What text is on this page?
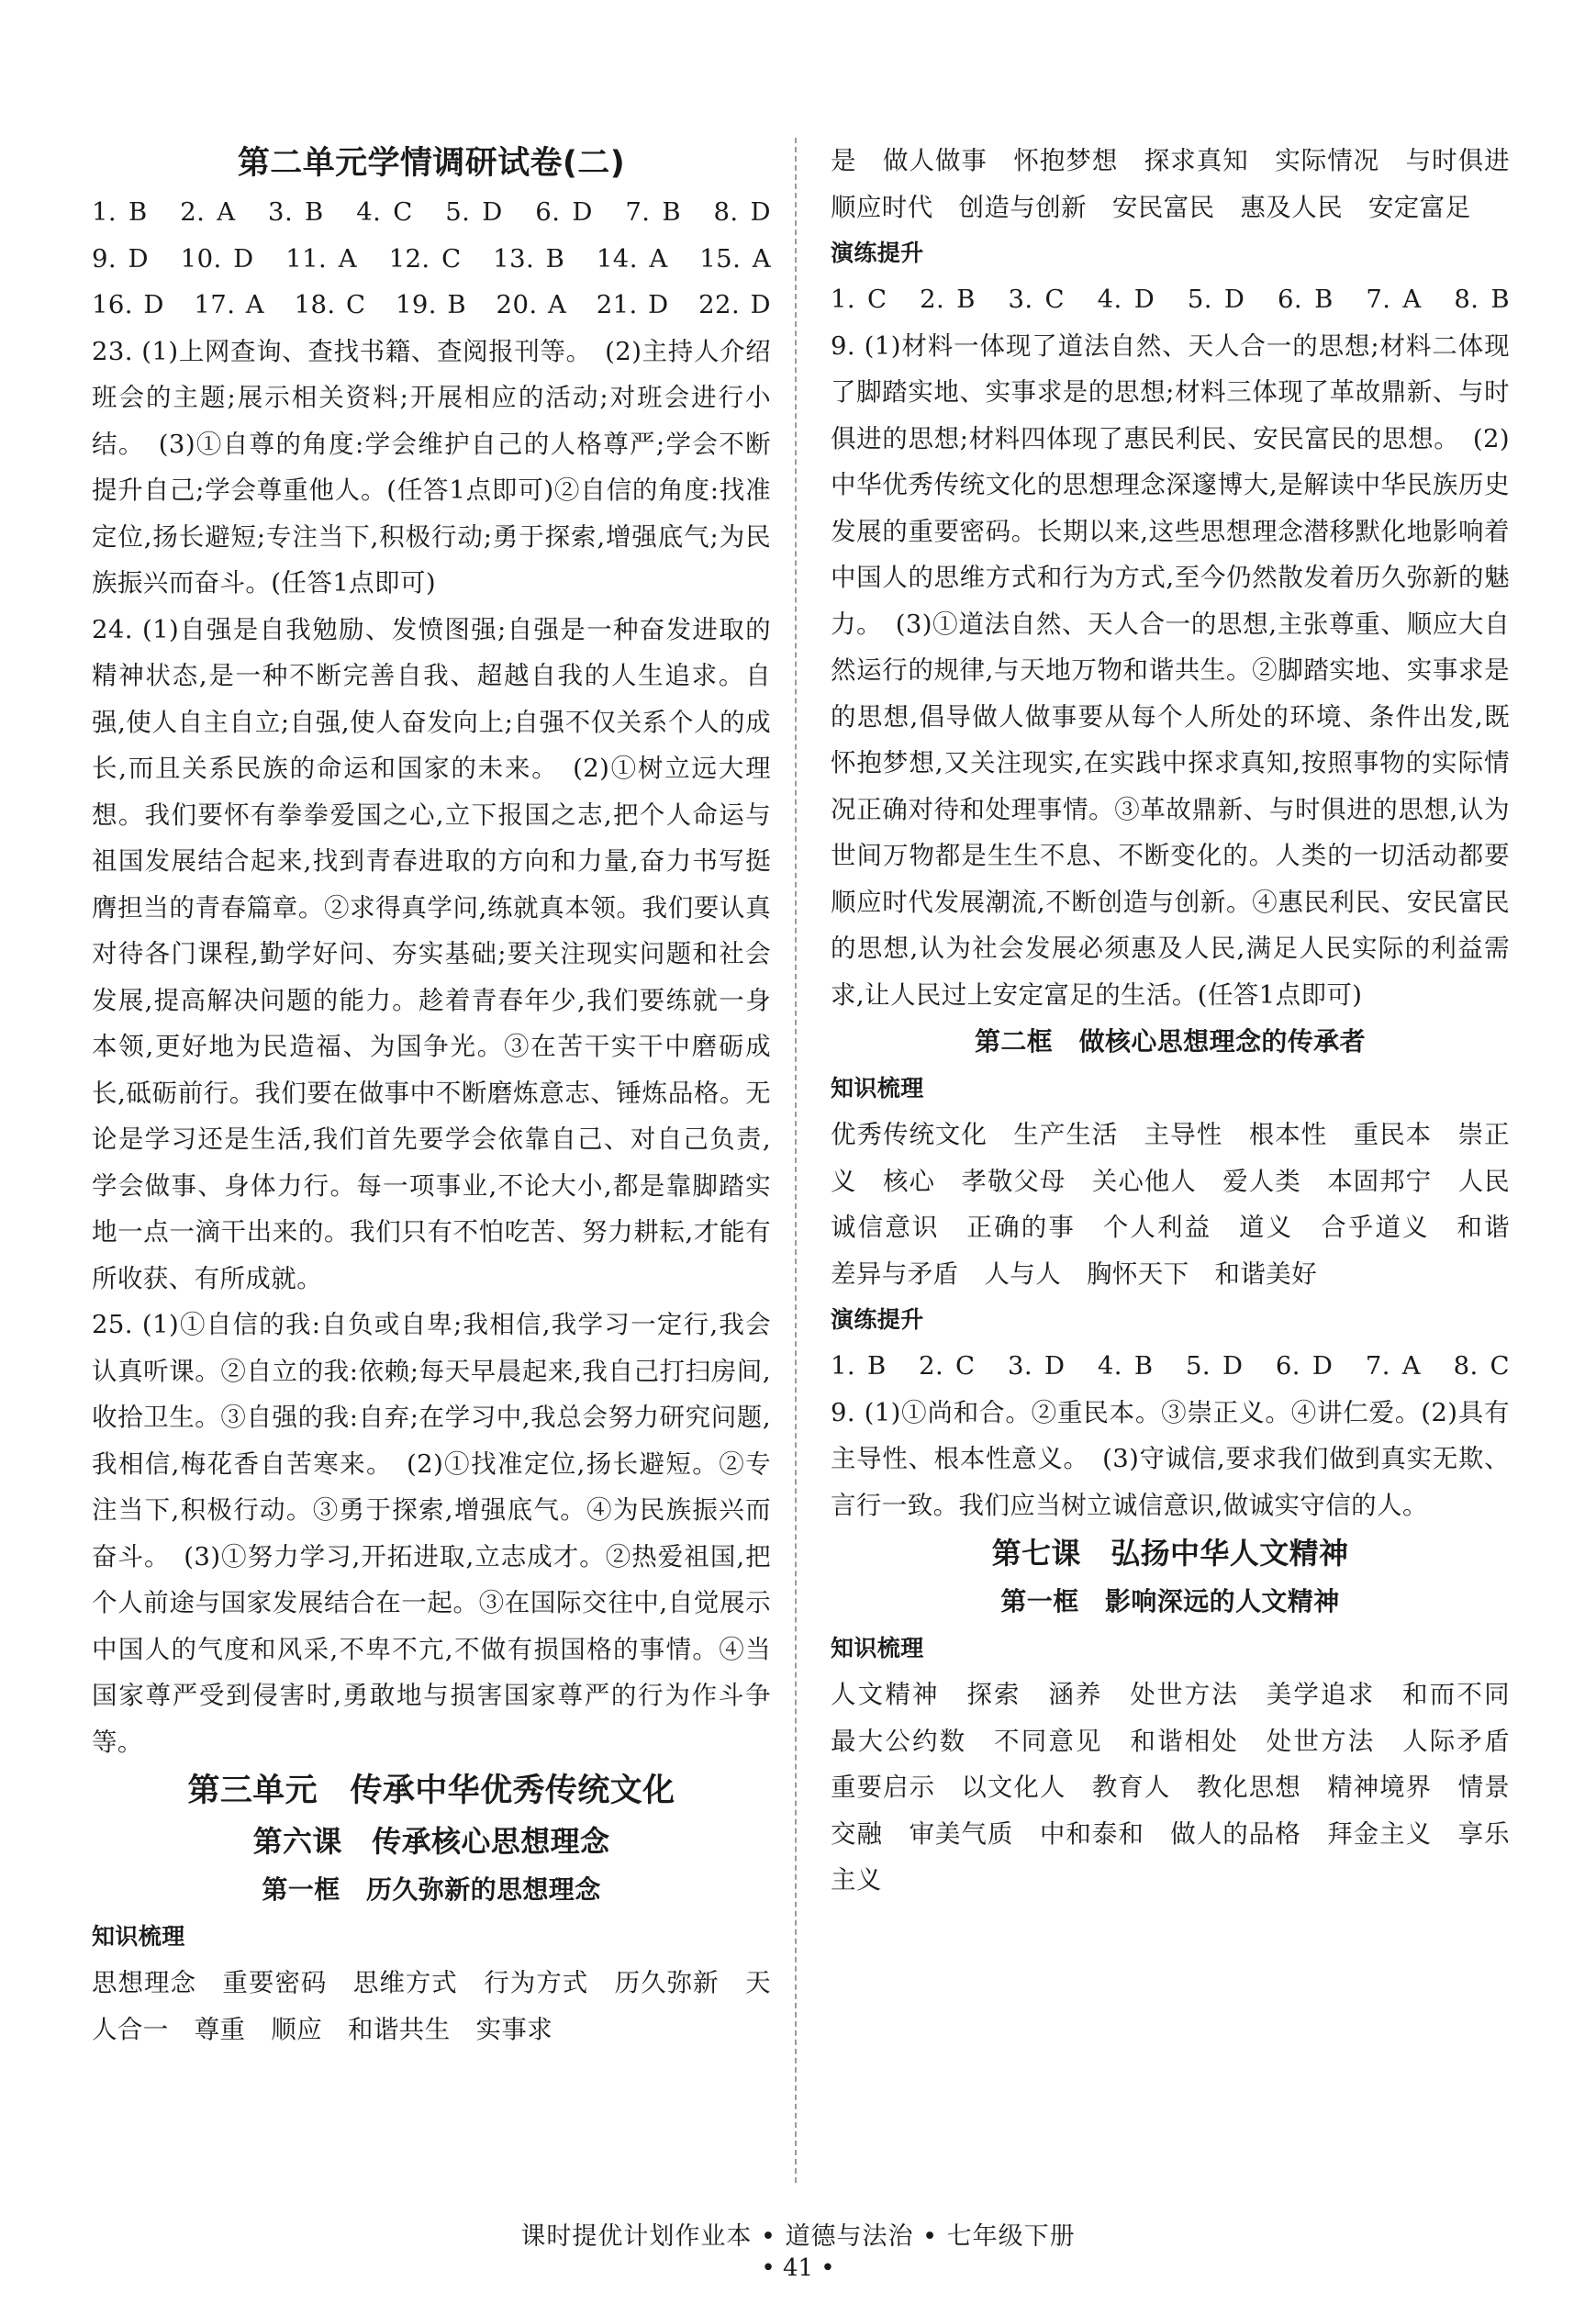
第二单元学情调研试卷(二)

1. B　2. A　3. B　4. C　5. D　6. D　7. B　8. D

9. D　10. D　11. A　12. C　13. B　14. A　15. A

16. D　17. A　18. C　19. B　20. A　21. D　22. D

23. (1)上网查询、查找书籍、查阅报刊等。　(2)主持人介绍班会的主题;展示相关资料;开展相应的活动;对班会进行小结。　(3)①自尊的角度:学会维护自己的人格尊严;学会不断提升自己;学会尊重他人。(任答1点即可)②自信的角度:找准定位,扬长避短;专注当下,积极行动;勇于探索,增强底气;为民族振兴而奋斗。(任答1点即可)

24. (1)自强是自我勉励、发愤图强;自强是一种奋发进取的精神状态,是一种不断完善自我、超越自我的人生追求。自强,使人自主自立;自强,使人奋发向上;自强不仅关系个人的成长,而且关系民族的命运和国家的未来。　(2)①树立远大理想。我们要怀有拳拳爱国之心,立下报国之志,把个人命运与祖国发展结合起来,找到青春进取的方向和力量,奋力书写挺膺担当的青春篇章。②求得真学问,练就真本领。我们要认真对待各门课程,勤学好问、夯实基础;要关注现实问题和社会发展,提高解决问题的能力。趁着青春年少,我们要练就一身本领,更好地为民造福、为国争光。③在苦干实干中磨砺成长,砥砺前行。我们要在做事中不断磨炼意志、锤炼品格。无论是学习还是生活,我们首先要学会依靠自己、对自己负责,学会做事、身体力行。每一项事业,不论大小,都是靠脚踏实地一点一滴干出来的。我们只有不怕吃苦、努力耕耘,才能有所收获、有所成就。

25. (1)①自信的我:自负或自卑;我相信,我学习一定行,我会认真听课。②自立的我:依赖;每天早晨起来,我自己打扫房间,收拾卫生。③自强的我:自弃;在学习中,我总会努力研究问题,我相信,梅花香自苦寒来。　(2)①找准定位,扬长避短。②专注当下,积极行动。③勇于探索,增强底气。④为民族振兴而奋斗。　(3)①努力学习,开拓进取,立志成才。②热爱祖国,把个人前途与国家发展结合在一起。③在国际交往中,自觉展示中国人的气度和风采,不卑不亢,不做有损国格的事情。④当国家尊严受到侵害时,勇敢地与损害国家尊严的行为作斗争等。

第三单元　传承中华优秀传统文化

第六课　传承核心思想理念

第一框　历久弥新的思想理念

知识梳理

思想理念　重要密码　思维方式　行为方式　历久弥新　天人合一　尊重　顺应　和谐共生　实事求

是　做人做事　怀抱梦想　探求真知　实际情况　与时俱进　顺应时代　创造与创新　安民富民　惠及人民　安定富足

演练提升

1. C　2. B　3. C　4. D　5. D　6. B　7. A　8. B

9. (1)材料一体现了道法自然、天人合一的思想;材料二体现了脚踏实地、实事求是的思想;材料三体现了革故鼎新、与时俱进的思想;材料四体现了惠民利民、安民富民的思想。　(2)中华优秀传统文化的思想理念深邃博大,是解读中华民族历史发展的重要密码。长期以来,这些思想理念潜移默化地影响着中国人的思维方式和行为方式,至今仍然散发着历久弥新的魅力。　(3)①道法自然、天人合一的思想,主张尊重、顺应大自然运行的规律,与天地万物和谐共生。②脚踏实地、实事求是的思想,倡导做人做事要从每个人所处的环境、条件出发,既怀抱梦想,又关注现实,在实践中探求真知,按照事物的实际情况正确对待和处理事情。③革故鼎新、与时俱进的思想,认为世间万物都是生生不息、不断变化的。人类的一切活动都要顺应时代发展潮流,不断创造与创新。④惠民利民、安民富民的思想,认为社会发展必须惠及人民,满足人民实际的利益需求,让人民过上安定富足的生活。(任答1点即可)

第二框　做核心思想理念的传承者

知识梳理

优秀传统文化　生产生活　主导性　根本性　重民本　崇正义　核心　孝敬父母　关心他人　爱人类　本固邦宁　人民　诚信意识　正确的事　个人利益　道义　合乎道义　和谐　差异与矛盾　人与人　胸怀天下　和谐美好

演练提升

1. B　2. C　3. D　4. B　5. D　6. D　7. A　8. C

9. (1)①尚和合。②重民本。③崇正义。④讲仁爱。(2)具有主导性、根本性意义。　(3)守诚信,要求我们做到真实无欺、言行一致。我们应当树立诚信意识,做诚实守信的人。

第七课　弘扬中华人文精神

第一框　影响深远的人文精神

知识梳理

人文精神　探索　涵养　处世方法　美学追求　和而不同　最大公约数　不同意见　和谐相处　处世方法　人际矛盾　重要启示　以文化人　教育人　教化思想　精神境界　情景交融　审美气质　中和泰和　做人的品格　拜金主义　享乐主义

课时提优计划作业本 • 道德与法治 • 七年级下册
• 41 •
